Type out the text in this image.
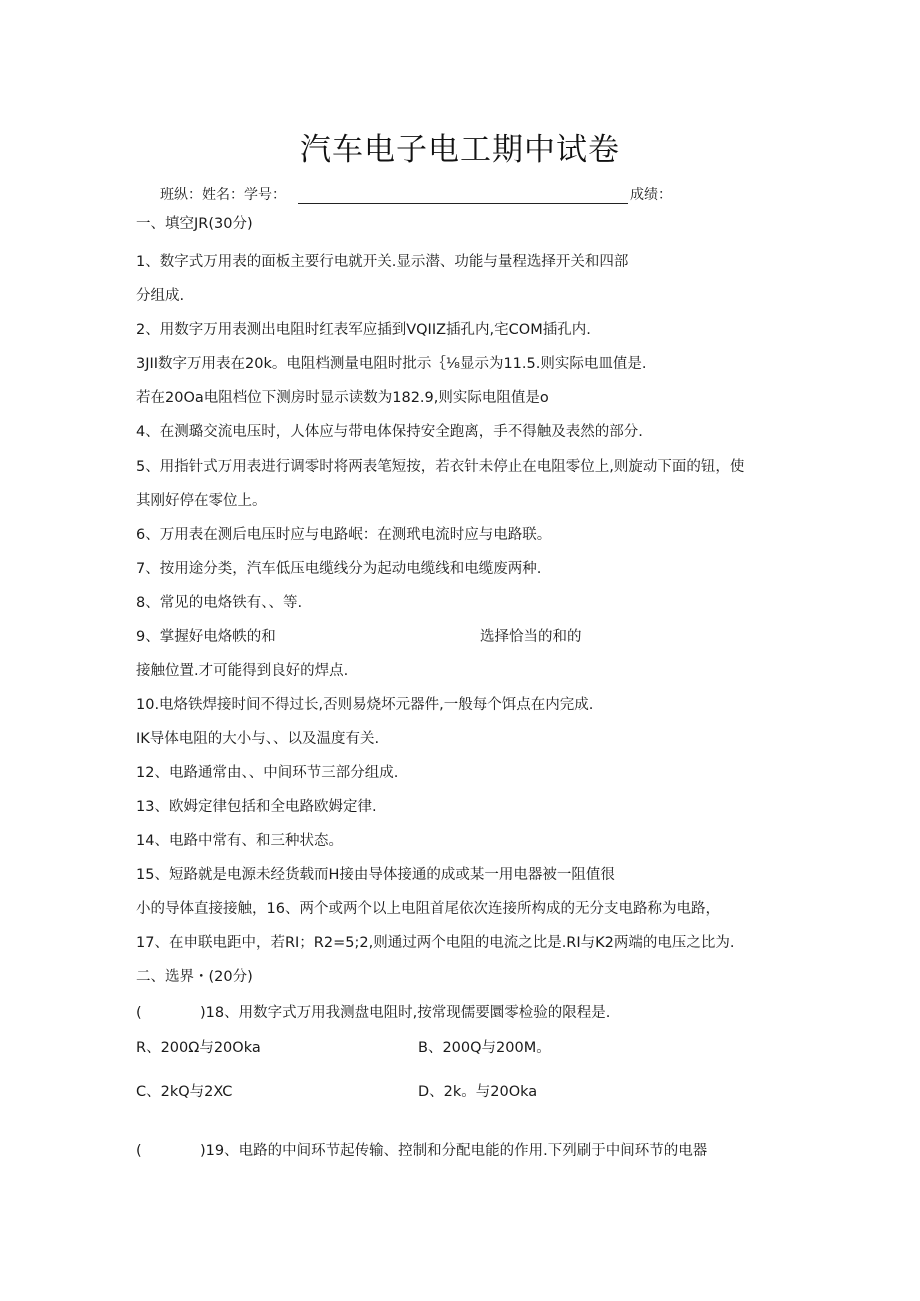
汽车电子电工期中试卷
班纵：姓名：学号：	成绩：
一、填空JR(30分)
1、数字式万用表的面板主要行电就开关.显示潜、功能与量程选择开关和四部
分组成.
2、用数字万用表测出电阻时红表军应插到VQIIZ插孔内,宅COM插孔内.
3JII数字万用表在20k。电阻档测量电阻时批示｛⅛显示为11.5.则实际电皿值是.
若在20Oa电阻档位下测房时显示读数为182.9,则实际电阻值是o
4、在测璐交流电压时，人体应与带电体保持安全跑离，手不得触及表然的部分.
5、用指针式万用表进行调零时将两表笔短按，若衣针未停止在电阻零位上,则旋动下面的钮，使
其刚好停在零位上。
6、万用表在测后电压时应与电路岷：在测玳电流时应与电路联。
7、按用途分类，汽车低压电缆线分为起动电缆线和电缆废两种.
8、常见的电烙铁有、、等.
9、掌握好电烙帙的和	选择恰当的和的
接触位置.才可能得到良好的焊点.
10.电烙铁焊接时间不得过长,否则易烧坏元器件,一般每个饵点在内完成.
IK导体电阻的大小与、、以及温度有关.
12、电路通常由、、中间环节三部分组成.
13、欧姆定律包括和全电路欧姆定律.
14、电路中常有、和三种状态。
15、短路就是电源未经货载而H接由导体接通的成或某一用电器被一阻值很
小的导体直接接触，16、两个或两个以上电阻首尾依次连接所构成的无分支电路称为电路，
17、在申联电距中，若RI；R2=5;2,则通过两个电阻的电流之比是.RI与K2两端的电压之比为.
二、选界・(20分)
(	)18、用数字式万用我测盘电阻时,按常现儒要圜零检验的限程是.
R、200Ω与20Oka	B、200Q与200M。
C、2kQ与2XC	D、2k。与20Oka
(	)19、电路的中间环节起传输、控制和分配电能的作用.下列刷于中间环节的电器
